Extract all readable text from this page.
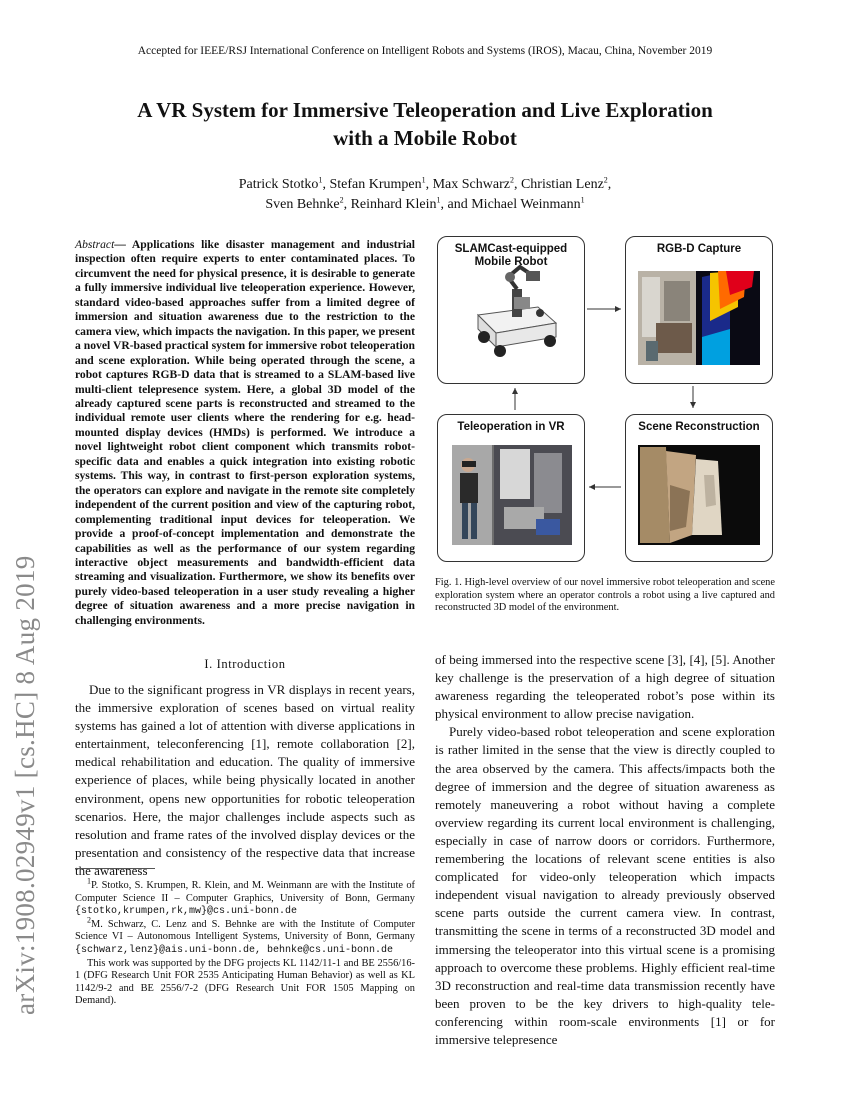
Accepted for IEEE/RSJ International Conference on Intelligent Robots and Systems (IROS), Macau, China, November 2019
A VR System for Immersive Teleoperation and Live Exploration
with a Mobile Robot
Patrick Stotko$^1$, Stefan Krumpen$^1$, Max Schwarz$^2$, Christian Lenz$^2$,
Sven Behnke$^2$, Reinhard Klein$^1$, and Michael Weinmann$^1$
arXiv:1908.02949v1 [cs.HC] 8 Aug 2019
Abstract— Applications like disaster management and industrial inspection often require experts to enter contaminated places. To circumvent the need for physical presence, it is desirable to generate a fully immersive individual live teleoperation experience. However, standard video-based approaches suffer from a limited degree of immersion and situation awareness due to the restriction to the camera view, which impacts the navigation. In this paper, we present a novel VR-based practical system for immersive robot teleoperation and scene exploration. While being operated through the scene, a robot captures RGB-D data that is streamed to a SLAM-based live multi-client telepresence system. Here, a global 3D model of the already captured scene parts is reconstructed and streamed to the individual remote user clients where the rendering for e.g. head-mounted display devices (HMDs) is performed. We introduce a novel lightweight robot client component which transmits robot-specific data and enables a quick integration into existing robotic systems. This way, in contrast to first-person exploration systems, the operators can explore and navigate in the remote site completely independent of the current position and view of the capturing robot, complementing traditional input devices for teleoperation. We provide a proof-of-concept implementation and demonstrate the capabilities as well as the performance of our system regarding interactive object measurements and bandwidth-efficient data streaming and visualization. Furthermore, we show its benefits over purely video-based teleoperation in a user study revealing a higher degree of situation awareness and a more precise navigation in challenging environments.
SLAMCast-equipped Mobile Robot
RGB-D Capture
Teleoperation in VR	Scene Reconstruction
Fig. 1. High-level overview of our novel immersive robot teleoperation and scene exploration system where an operator controls a robot using a live captured and reconstructed 3D model of the environment.
I. Introduction
Due to the significant progress in VR displays in recent years, the immersive exploration of scenes based on virtual reality systems has gained a lot of attention with diverse applications in entertainment, teleconferencing [1], remote collaboration [2], medical rehabilitation and education. The quality of immersive experience of places, while being physically located in another environment, opens new opportunities for robotic teleoperation scenarios. Here, the major challenges include aspects such as resolution and frame rates of the involved display devices or the presentation and consistency of the respective data that increase the awareness

$^1$P. Stotko, S. Krumpen, R. Klein, and M. Weinmann are with the Institute of Computer Science II – Computer Graphics, University of Bonn, Germany {stotko,krumpen,rk,mw}@cs.uni-bonn.de

$^2$M. Schwarz, C. Lenz and S. Behnke are with the Institute of Computer Science VI – Autonomous Intelligent Systems, University of Bonn, Germany {schwarz,lenz}@ais.uni-bonn.de, behnke@cs.uni-bonn.de

This work was supported by the DFG projects KL 1142/11-1 and BE 2556/16-1 (DFG Research Unit FOR 2535 Anticipating Human Behavior) as well as KL 1142/9-2 and BE 2556/7-2 (DFG Research Unit FOR 1505 Mapping on Demand).

of being immersed into the respective scene [3], [4], [5]. Another key challenge is the preservation of a high degree of situation awareness regarding the teleoperated robot’s pose within its physical environment to allow precise navigation.

Purely video-based robot teleoperation and scene exploration is rather limited in the sense that the view is directly coupled to the area observed by the camera. This affects/impacts both the degree of immersion and the degree of situation awareness as remotely maneuvering a robot without having a complete overview regarding its current local environment is challenging, especially in case of narrow doors or corridors. Furthermore, remembering the locations of relevant scene entities is also complicated for video-only teleoperation which impacts independent visual navigation to already previously observed scene parts outside the current camera view. In contrast, transmitting the scene in terms of a reconstructed 3D model and immersing the teleoperator into this virtual scene is a promising approach to overcome these problems. Highly efficient real-time 3D reconstruction and real-time data transmission recently have been proven to be the key drivers to high-quality tele-conferencing within room-scale environments [1] or for immersive telepresence
